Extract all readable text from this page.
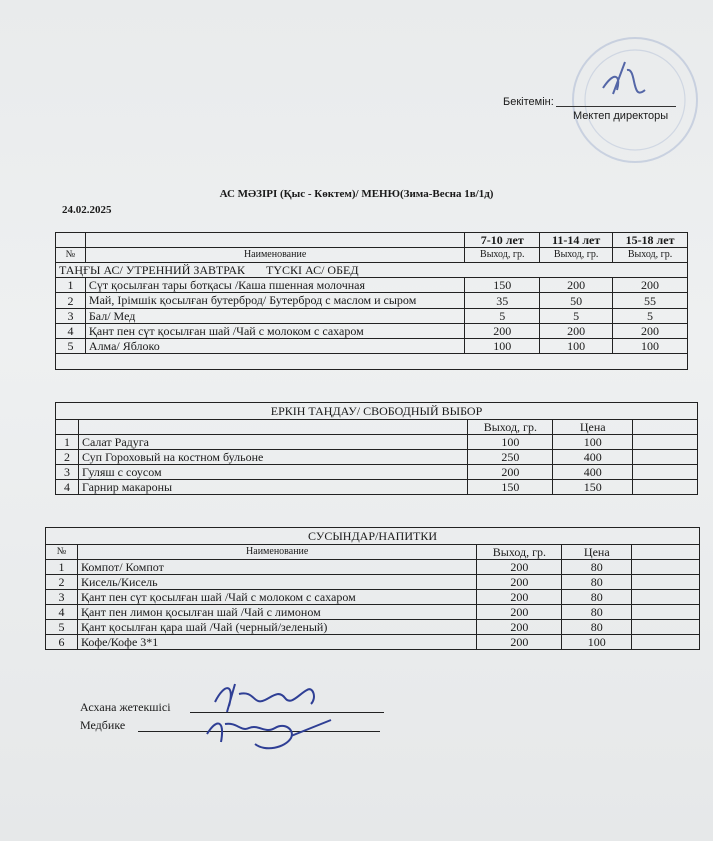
Бекітемін:
Мектеп директоры
АС МӘЗІРІ (Қыс - Көктем)/ МЕНЮ(Зима-Весна 1в/1д)
24.02.2025
		7-10 лет	11-14 лет	15-18 лет
№	Наименование	Выход, гр.	Выход, гр.	Выход, гр.
ТАҢҒЫ АС/ УТРЕННИЙ ЗАВТРАК       ТҮСКІ АС/ ОБЕД				
1	Сүт қосылған тары ботқасы /Каша пшенная молочная	150	200	200
2	Май, Ірімшік қосылған бутерброд/ Бутерброд с маслом и сыром	35	50	55
3	Бал/ Мед	5	5	5
4	Қант пен сүт қосылған шай /Чай с молоком с сахаром	200	200	200
5	Алма/ Яблоко	100	100	100

ЕРКІН ТАҢДАУ/ СВОБОДНЫЙ ВЫБОР				
		Выход, гр.	Цена	
1	Салат Радуга	100	100	
2	Суп Гороховый на костном бульоне	250	400	
3	Гуляш с соусом	200	400	
4	Гарнир макароны	150	150	
СУСЫНДАР/НАПИТКИ				
№	Наименование	Выход, гр.	Цена	
1	Компот/ Компот	200	80	
2	Кисель/Кисель	200	80	
3	Қант пен сүт қосылған шай /Чай с молоком с сахаром	200	80	
4	Қант пен лимон қосылған шай /Чай с лимоном	200	80	
5	Қант қосылған қара шай /Чай (черный/зеленый)	200	80	
6	Кофе/Кофе 3*1	200	100	
Асхана жетекшісі
Медбике
